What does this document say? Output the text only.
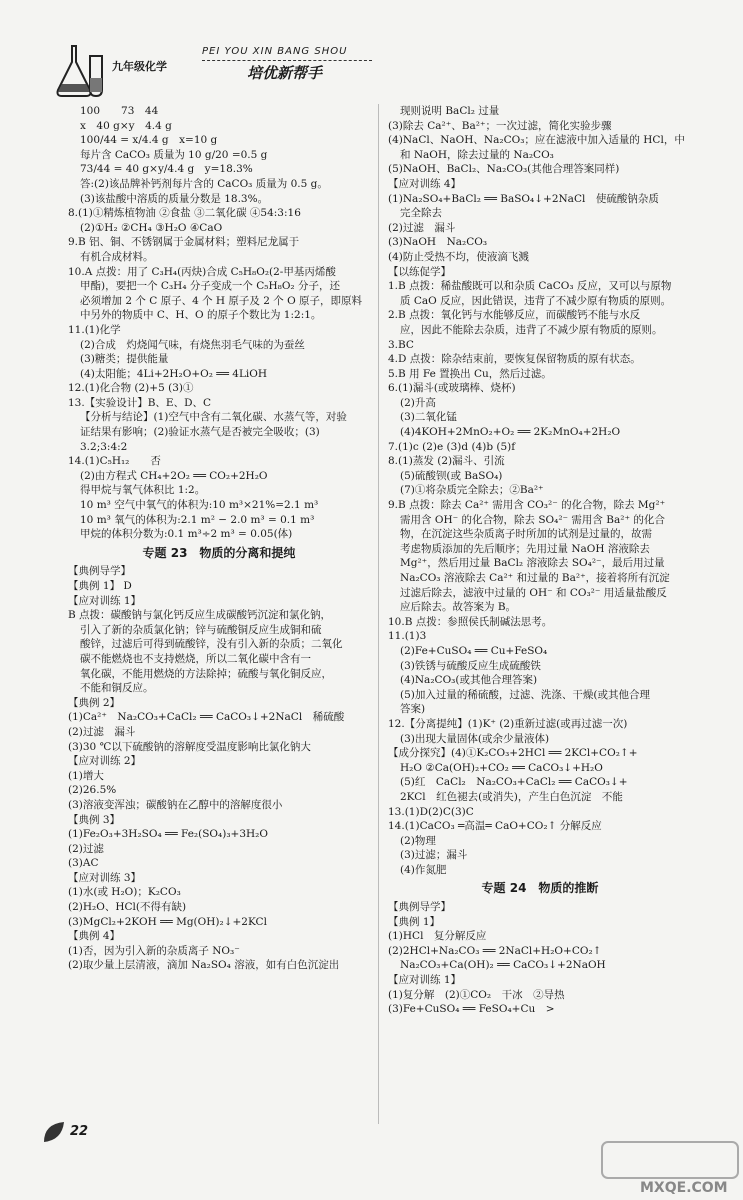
九年级化学
PEI YOU XIN BANG SHOU
培优新帮手
100　　73　44
x　40 g×y　4.4 g
100/44 = x/4.4 g　x=10 g
每片含 CaCO₃ 质量为 10 g/20 =0.5 g
73/44 = 40 g×y/4.4 g　y=18.3%
答:(2)该品牌补钙剂每片含的 CaCO₃ 质量为 0.5 g。
(3)该盐酸中溶质的质量分数是 18.3%。
8.(1)①精炼植物油 ②食盐 ③二氧化碳 ④54:3:16
(2)①H₂ ②CH₄ ③H₂O ④CaO
9.B 铝、铜、不锈钢属于金属材料；塑料尼龙属于
有机合成材料。
10.A 点拨：用了 C₃H₄(丙炔)合成 C₅H₈O₂(2-甲基丙烯酸
甲酯)，要把一个 C₃H₄ 分子变成一个 C₅H₈O₂ 分子，还
必须增加 2 个 C 原子、4 个 H 原子及 2 个 O 原子，即原料
中另外的物质中 C、H、O 的原子个数比为 1:2:1。
11.(1)化学
(2)合成　灼烧闻气味，有烧焦羽毛气味的为蚕丝
(3)糖类；提供能量
(4)太阳能；4Li+2H₂O+O₂ ══ 4LiOH
12.(1)化合物 (2)+5 (3)①
13.【实验设计】B、E、D、C
【分析与结论】(1)空气中含有二氧化碳、水蒸气等，对验
证结果有影响；(2)验证水蒸气是否被完全吸收；(3)
3.2;3:4:2
14.(1)C₅H₁₂　　否
(2)由方程式 CH₄+2O₂ ══ CO₂+2H₂O
得甲烷与氧气体积比 1:2。
10 m³ 空气中氧气的体积为:10 m³×21%=2.1 m³
10 m³ 氧气的体积为:2.1 m² − 2.0 m³ = 0.1 m³
甲烷的体积分数为:0.1 m³÷2 m³ = 0.05(体)
专题 23　物质的分离和提纯
【典例导学】
【典例 1】 D
【应对训练 1】
B 点拨：碳酸钠与氯化钙反应生成碳酸钙沉淀和氯化钠，
引入了新的杂质氯化钠；锌与硫酸铜反应生成铜和硫
酸锌，过滤后可得到硫酸锌，没有引入新的杂质；二氧化
碳不能燃烧也不支持燃烧，所以二氧化碳中含有一
氧化碳，不能用燃烧的方法除掉；硫酸与氧化铜反应，
不能和铜反应。
【典例 2】
(1)Ca²⁺　Na₂CO₃+CaCl₂ ══ CaCO₃↓+2NaCl　稀硫酸
(2)过滤　漏斗
(3)30 ℃以下硫酸钠的溶解度受温度影响比氯化钠大
【应对训练 2】
(1)增大
(2)26.5%
(3)溶液变浑浊；碳酸钠在乙醇中的溶解度很小
【典例 3】
(1)Fe₂O₃+3H₂SO₄ ══ Fe₂(SO₄)₃+3H₂O
(2)过滤
(3)AC
【应对训练 3】
(1)水(或 H₂O)；K₂CO₃
(2)H₂O、HCl(不得有缺)
(3)MgCl₂+2KOH ══ Mg(OH)₂↓+2KCl
【典例 4】
(1)否，因为引入新的杂质离子 NO₃⁻
(2)取少量上层清液，滴加 Na₂SO₄ 溶液，如有白色沉淀出
现则说明 BaCl₂ 过量
(3)除去 Ca²⁺、Ba²⁺；一次过滤，简化实验步骤
(4)NaCl、NaOH、Na₂CO₃；应在滤液中加入适量的 HCl，中
和 NaOH，除去过量的 Na₂CO₃
(5)NaOH、BaCl₂、Na₂CO₃(其他合理答案同样)
【应对训练 4】
(1)Na₂SO₄+BaCl₂ ══ BaSO₄↓+2NaCl　使硫酸钠杂质
完全除去
(2)过滤　漏斗
(3)NaOH　Na₂CO₃
(4)防止受热不均，使液滴飞溅
【以练促学】
1.B 点拨：稀盐酸既可以和杂质 CaCO₃ 反应，又可以与原物
质 CaO 反应，因此错误，违背了不减少原有物质的原则。
2.B 点拨：氧化钙与水能够反应，而碳酸钙不能与水反
应，因此不能除去杂质，违背了不减少原有物质的原则。
3.BC
4.D 点拨：除杂结束前，要恢复保留物质的原有状态。
5.B 用 Fe 置换出 Cu，然后过滤。
6.(1)漏斗(或玻璃棒、烧杯)
(2)升高
(3)二氧化锰
(4)4KOH+2MnO₂+O₂ ══ 2K₂MnO₄+2H₂O
7.(1)c (2)e (3)d (4)b (5)f
8.(1)蒸发 (2)漏斗、引流
(5)硫酸钡(或 BaSO₄)
(7)①将杂质完全除去；②Ba²⁺
9.B 点拨：除去 Ca²⁺ 需用含 CO₃²⁻ 的化合物，除去 Mg²⁺
需用含 OH⁻ 的化合物，除去 SO₄²⁻ 需用含 Ba²⁺ 的化合
物，在沉淀这些杂质离子时所加的试剂是过量的，故需
考虑物质添加的先后顺序；先用过量 NaOH 溶液除去
Mg²⁺，然后用过量 BaCl₂ 溶液除去 SO₄²⁻，最后用过量
Na₂CO₃ 溶液除去 Ca²⁺ 和过量的 Ba²⁺，接着将所有沉淀
过滤后除去，滤液中过量的 OH⁻ 和 CO₃²⁻ 用适量盐酸反
应后除去。故答案为 B。
10.B 点拨：参照侯氏制碱法思考。
11.(1)3
(2)Fe+CuSO₄ ══ Cu+FeSO₄
(3)铁锈与硫酸反应生成硫酸铁
(4)Na₂CO₃(或其他合理答案)
(5)加入过量的稀硫酸，过滤、洗涤、干燥(或其他合理
答案)
12.【分离提纯】(1)K⁺ (2)重新过滤(或再过滤一次)
(3)出现大量固体(或余少量液体)
【成分探究】(4)①K₂CO₃+2HCl ══ 2KCl+CO₂↑+
H₂O ②Ca(OH)₂+CO₂ ══ CaCO₃↓+H₂O
(5)红　CaCl₂　Na₂CO₃+CaCl₂ ══ CaCO₃↓+
2KCl　红色褪去(或消失)，产生白色沉淀　不能
13.(1)D(2)C(3)C
14.(1)CaCO₃ ═高温═ CaO+CO₂↑ 分解反应
(2)物理
(3)过滤；漏斗
(4)作氮肥
专题 24　物质的推断
【典例导学】
【典例 1】
(1)HCl　复分解反应
(2)2HCl+Na₂CO₃ ══ 2NaCl+H₂O+CO₂↑
Na₂CO₃+Ca(OH)₂ ══ CaCO₃↓+2NaOH
【应对训练 1】
(1)复分解　(2)①CO₂　干冰　②导热
(3)Fe+CuSO₄ ══ FeSO₄+Cu　>
22
MXQE.COM
